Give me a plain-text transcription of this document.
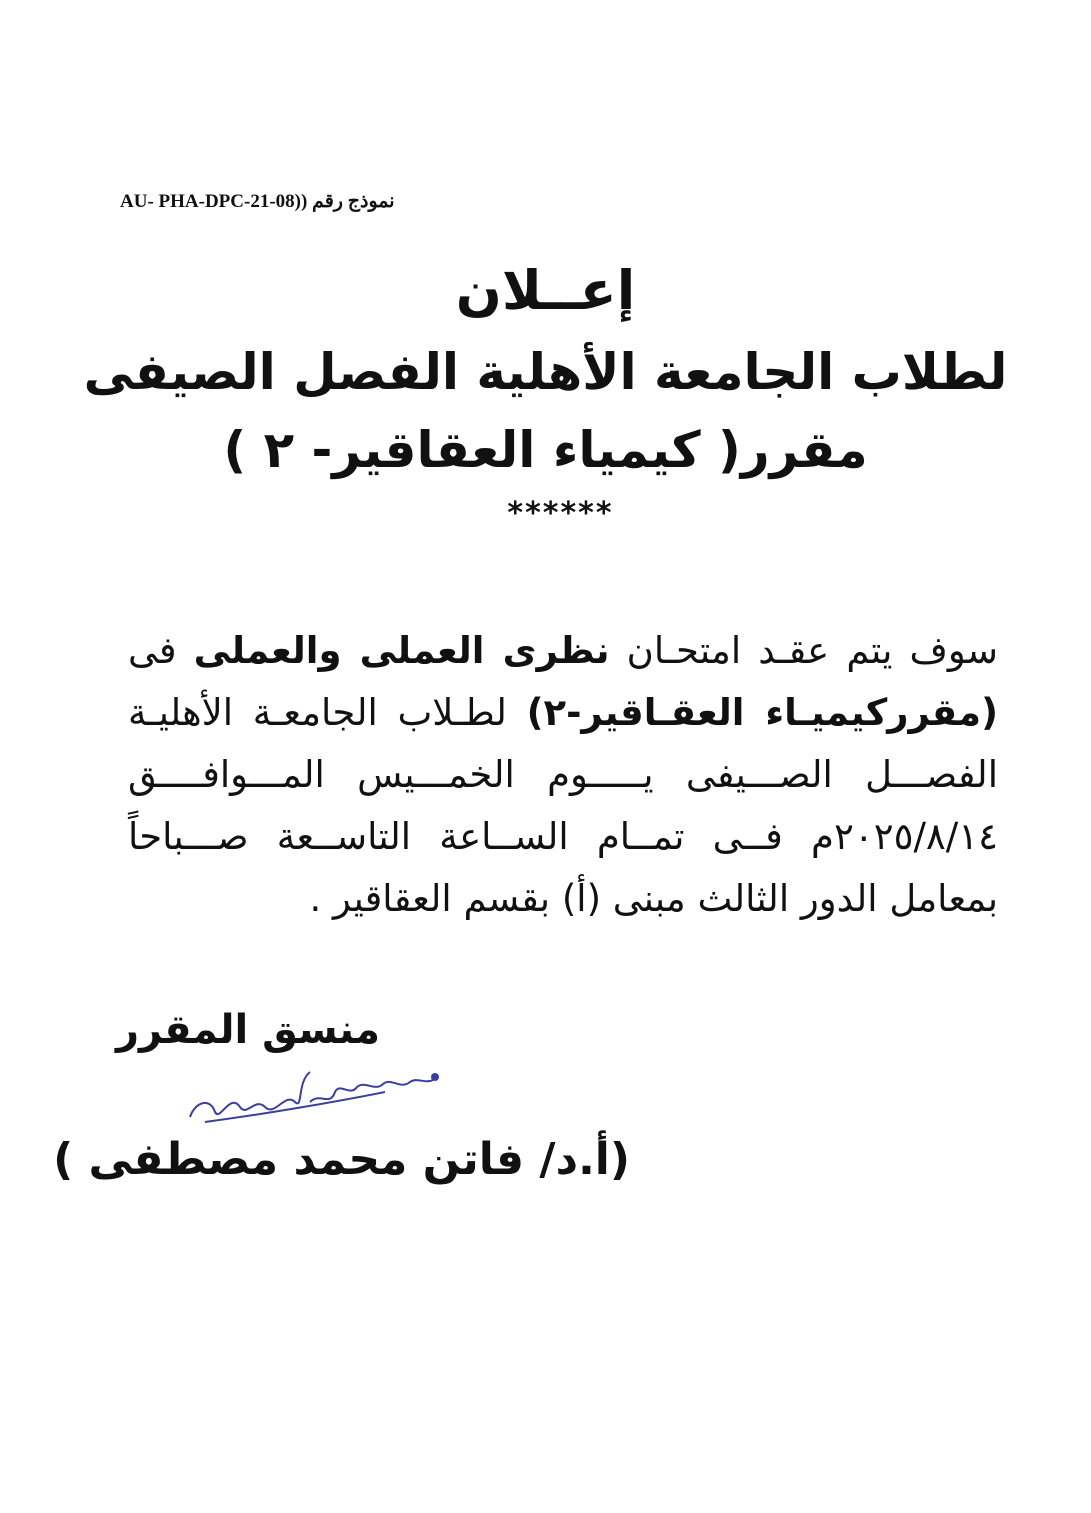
نموذج رقم (AU- PHA-DPC-21-08)
إعــلان
لطلاب الجامعة الأهلية الفصل الصيفى
مقرر( كيمياء العقاقير- ٢ )
******
سوف يتم عقـد امتحـان نظرى العملى والعملى فى
(مقرركيميـاء العقـاقير-٢) لطـلاب الجامعـة الأهليـة
الفصـــل الصـــيفى يـــــوم الخمـــيس المـــوافــــق
٢٠٢٥/٨/١٤م فــى تمــام الســاعة التاســعة صـــباحاً
بمعامل الدور الثالث مبنى (أ) بقسم العقاقير .
منسق المقرر
(أ.د/ فاتن محمد مصطفى )
